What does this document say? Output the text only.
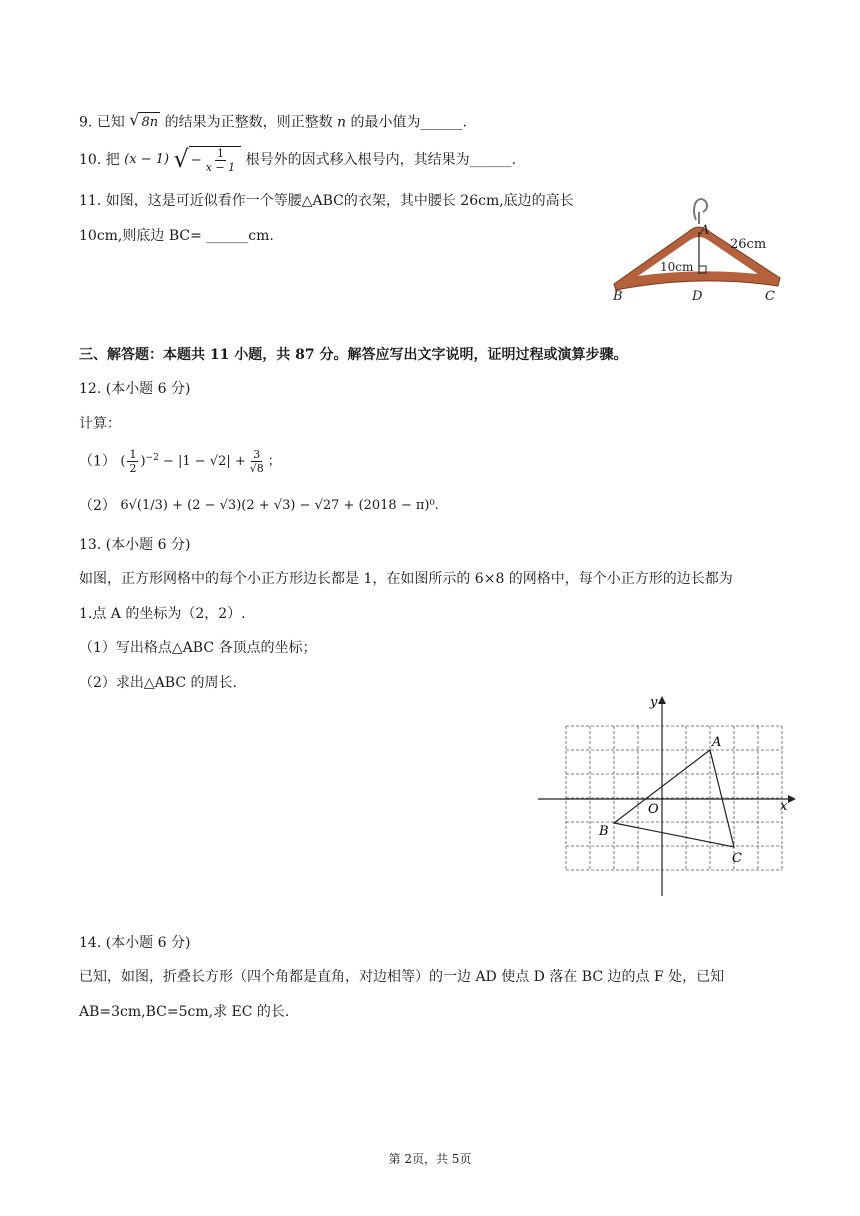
9. 已知 √ 8n 的结果为正整数，则正整数 n 的最小值为______.
10. 把 (x − 1) √ − $\frac{1}{x - 1}$ 根号外的因式移入根号内，其结果为______.
11. 如图，这是可近似看作一个等腰△ABC的衣架，其中腰长 26cm,底边的高长
10cm,则底边 BC= ______cm.	A
26cm
10cm
B	D	C
三、解答题：本题共 11 小题，共 87 分。解答应写出文字说明，证明过程或演算步骤。
12. (本小题 6 分)
计算：
（1） ( $\frac{1}{2} )^{-2} - |1 - √2|$
+ $\frac{3}{√8}$ ；
（2） 6√(1/3) + (2 − √3)(2 + √3) − √27 + (2018 − π)⁰.
13. (本小题 6 分)
如图，正方形网格中的每个小正方形边长都是 1，在如图所示的 6×8 的网格中，每个小正方形的边长都为
1.点 A 的坐标为（2，2）.
（1）写出格点△ABC 各顶点的坐标；
（2）求出△ABC 的周长.
x
y
O
A
B
C
14. (本小题 6 分)
已知，如图，折叠长方形（四个角都是直角，对边相等）的一边 AD 使点 D 落在 BC 边的点 F 处，已知
AB=3cm,BC=5cm,求 EC 的长.
第 2页，共 5页
